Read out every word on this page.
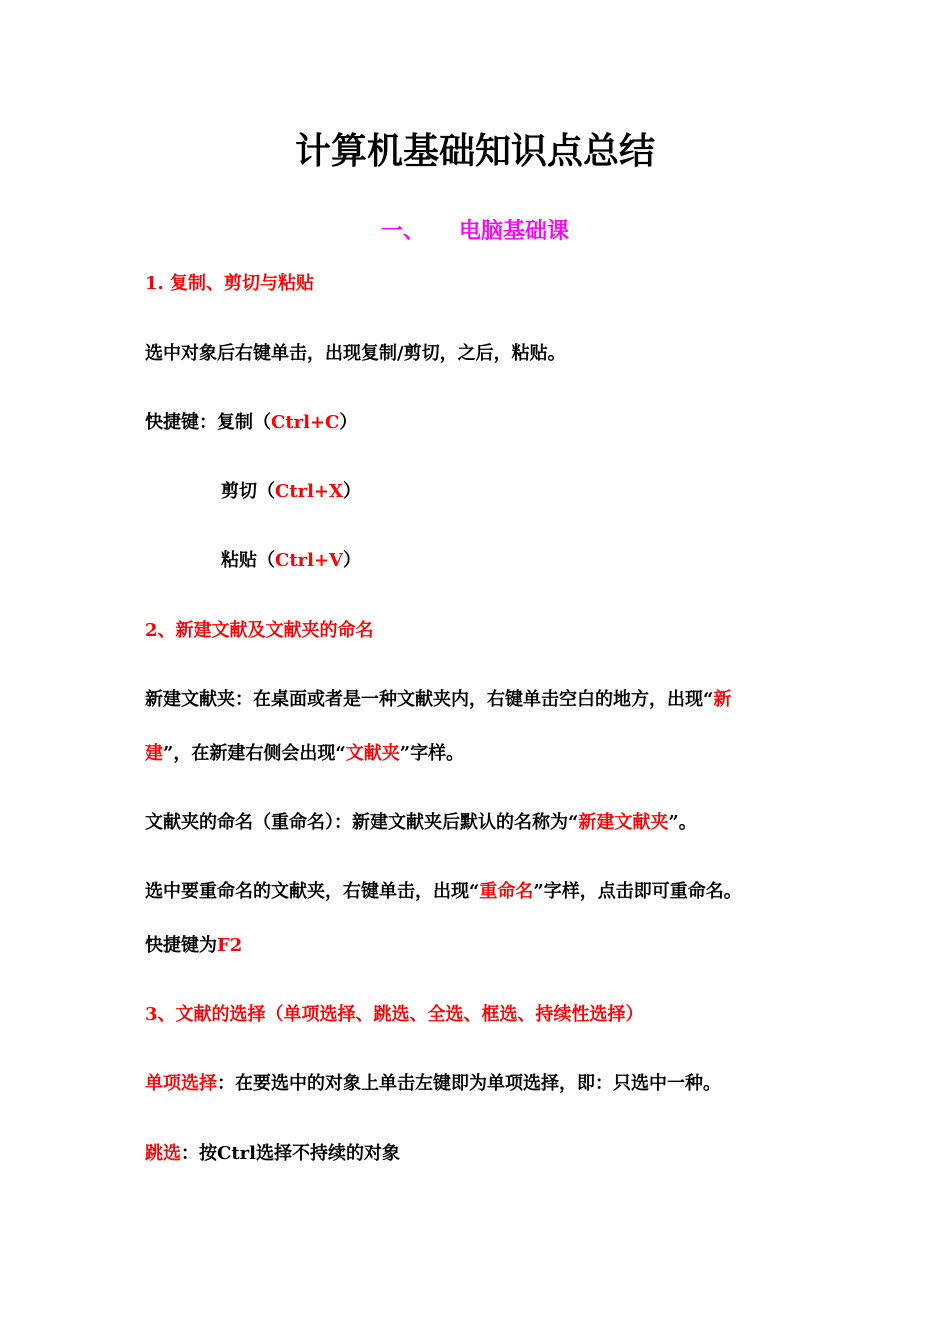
计算机基础知识点总结
一、 电脑基础课
1. 复制、剪切与粘贴
选中对象后右键单击，出现复制/剪切，之后，粘贴。
快捷键：复制（Ctrl+C）
剪切（Ctrl+X）
粘贴（Ctrl+V）
2、新建文献及文献夹的命名
新建文献夹：在桌面或者是一种文献夹内，右键单击空白的地方，出现“新
建”，在新建右侧会出现“文献夹”字样。
文献夹的命名（重命名）：新建文献夹后默认的名称为“新建文献夹”。
选中要重命名的文献夹，右键单击，出现“重命名”字样，点击即可重命名。
快捷键为F2
3、文献的选择（单项选择、跳选、全选、框选、持续性选择）
单项选择：在要选中的对象上单击左键即为单项选择，即：只选中一种。
跳选：按Ctrl选择不持续的对象
